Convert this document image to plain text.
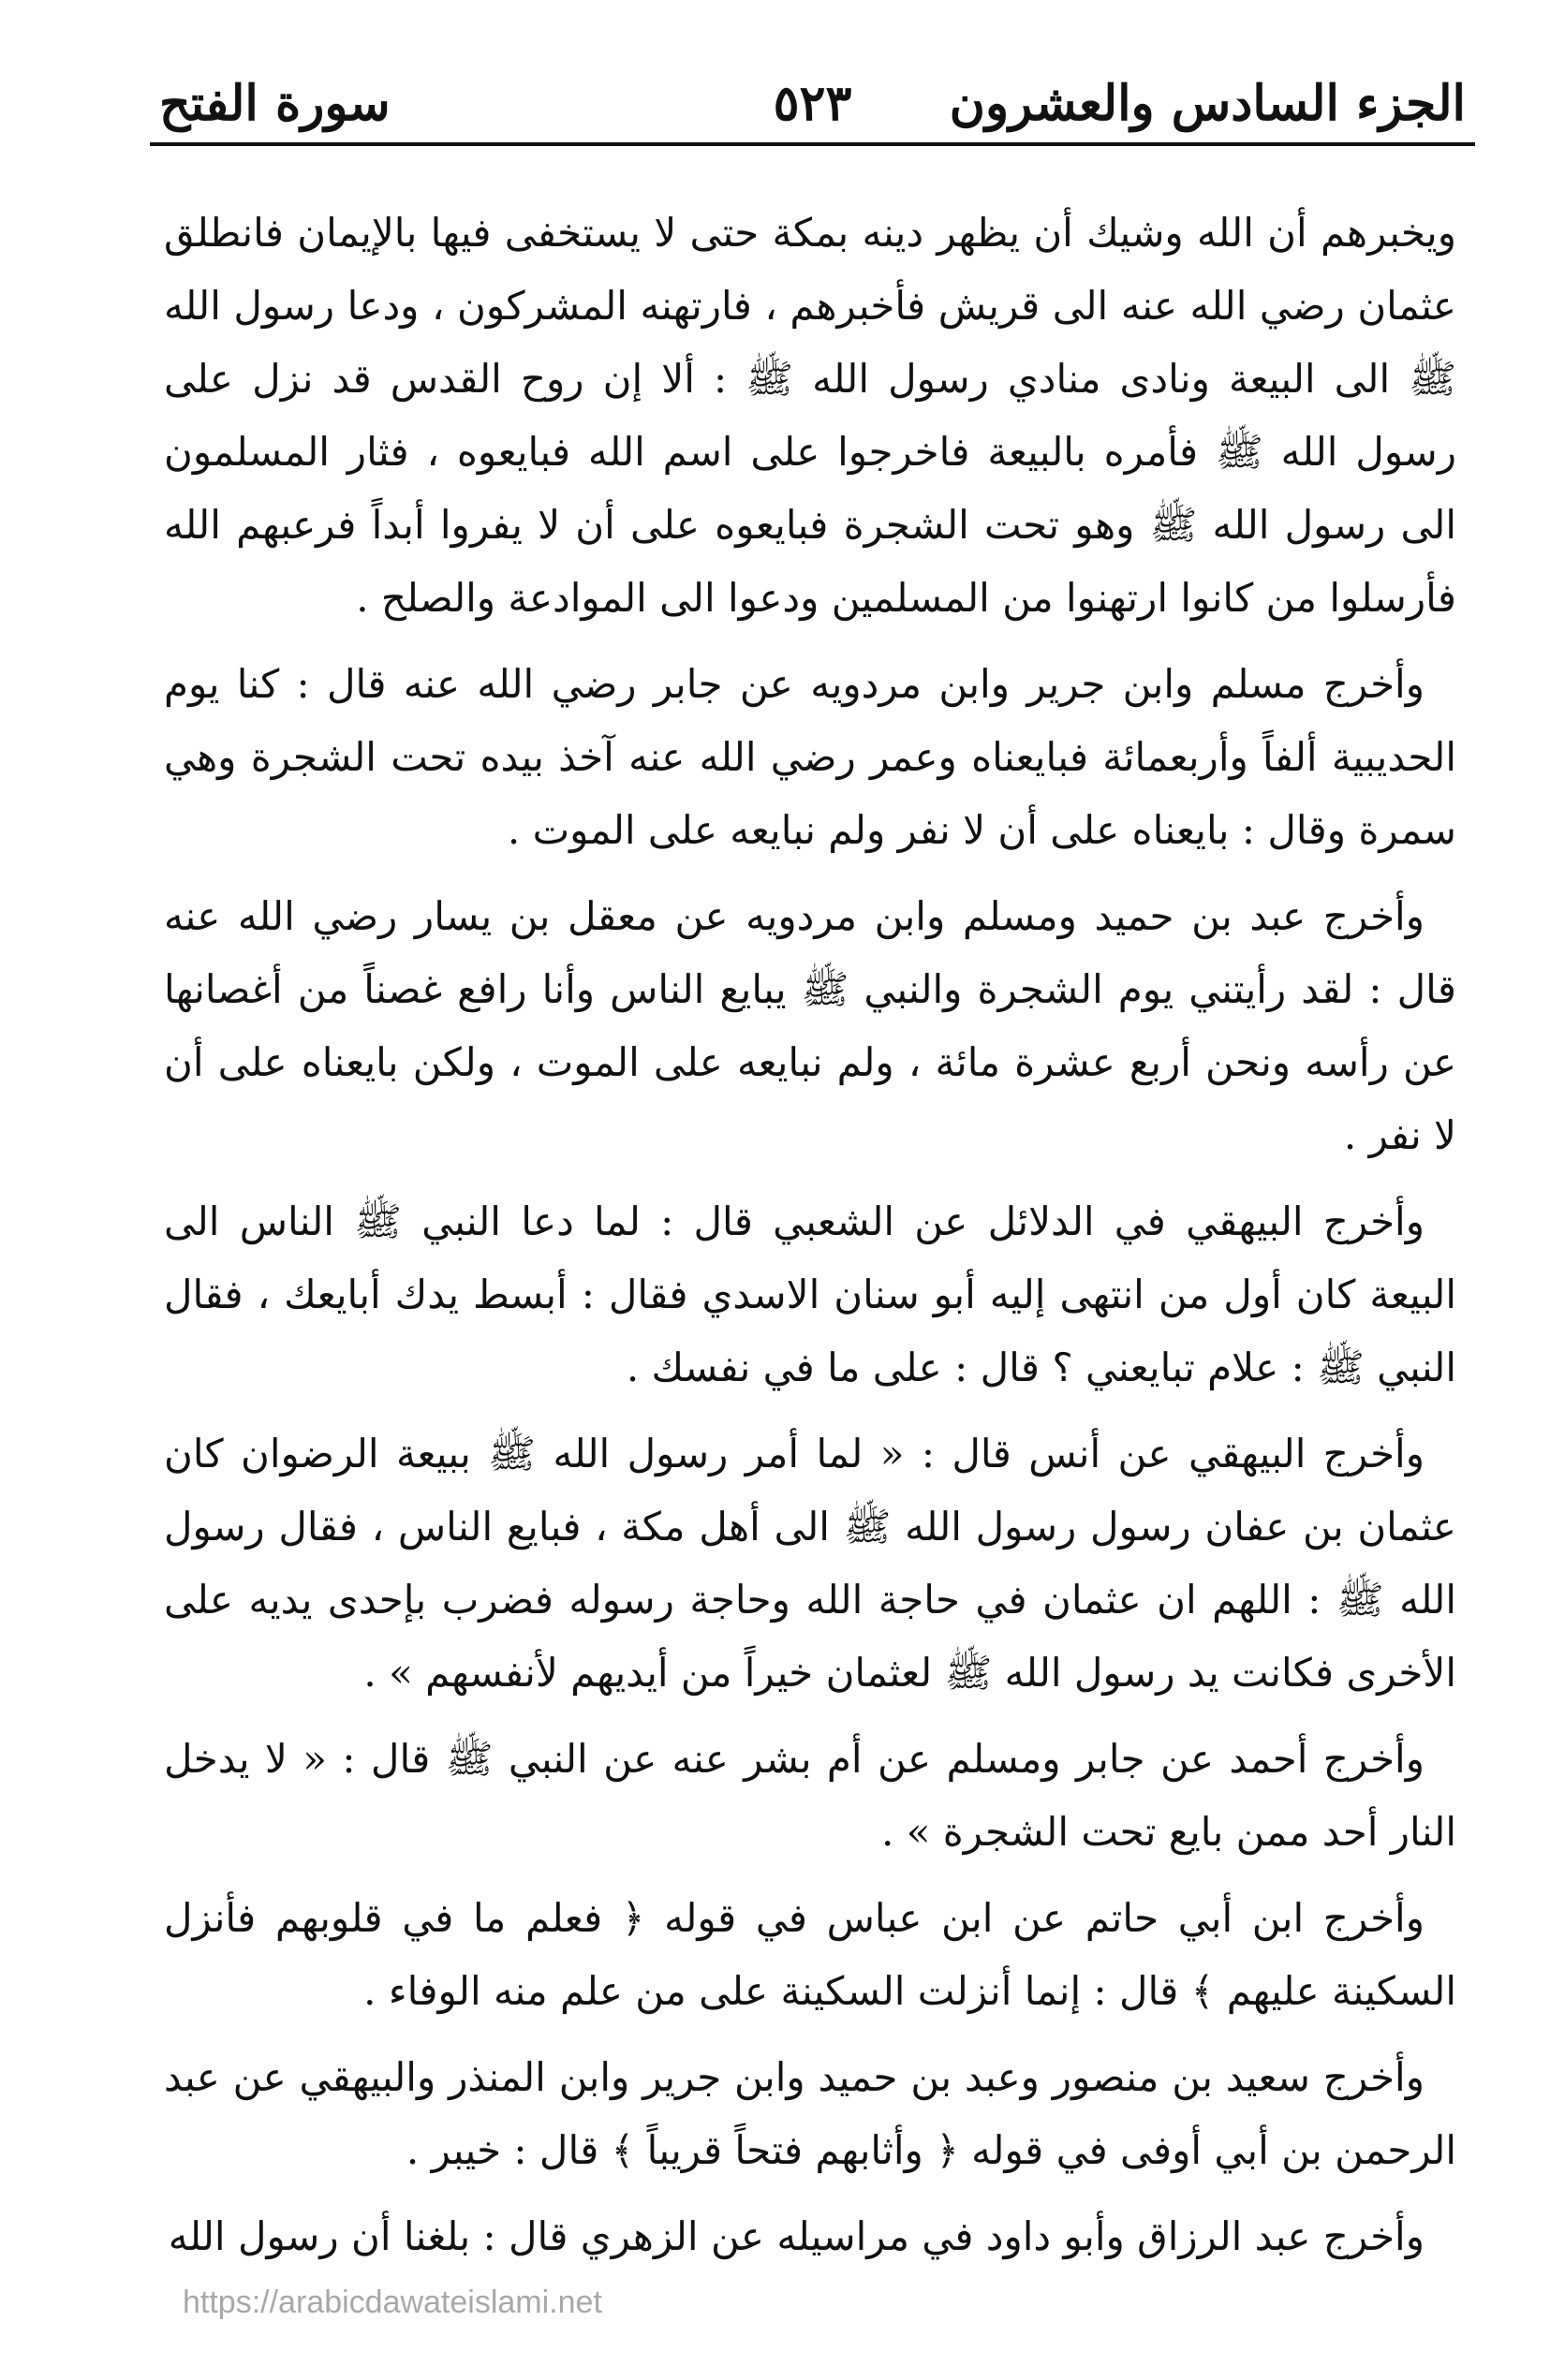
الجزء السادس والعشرون
٥٢٣
سورة الفتح

ويخبرهم أن الله وشيك أن يظهر دينه بمكة حتى لا يستخفى فيها بالإيمان فانطلق عثمان رضي الله عنه الى قريش فأخبرهم ، فارتهنه المشركون ، ودعا رسول الله ﷺ الى البيعة ونادى منادي رسول الله ﷺ : ألا إن روح القدس قد نزل على رسول الله ﷺ فأمره بالبيعة فاخرجوا على اسم الله فبايعوه ، فثار المسلمون الى رسول الله ﷺ وهو تحت الشجرة فبايعوه على أن لا يفروا أبداً فرعبهم الله فأرسلوا من كانوا ارتهنوا من المسلمين ودعوا الى الموادعة والصلح .

وأخرج مسلم وابن جرير وابن مردويه عن جابر رضي الله عنه قال : كنا يوم الحديبية ألفاً وأربعمائة فبايعناه وعمر رضي الله عنه آخذ بيده تحت الشجرة وهي سمرة وقال : بايعناه على أن لا نفر ولم نبايعه على الموت .

وأخرج عبد بن حميد ومسلم وابن مردويه عن معقل بن يسار رضي الله عنه قال : لقد رأيتني يوم الشجرة والنبي ﷺ يبايع الناس وأنا رافع غصناً من أغصانها عن رأسه ونحن أربع عشرة مائة ، ولم نبايعه على الموت ، ولكن بايعناه على أن لا نفر .

وأخرج البيهقي في الدلائل عن الشعبي قال : لما دعا النبي ﷺ الناس الى البيعة كان أول من انتهى إليه أبو سنان الاسدي فقال : أبسط يدك أبايعك ، فقال النبي ﷺ : علام تبايعني ؟ قال : على ما في نفسك .

وأخرج البيهقي عن أنس قال : « لما أمر رسول الله ﷺ ببيعة الرضوان كان عثمان بن عفان رسول رسول الله ﷺ الى أهل مكة ، فبايع الناس ، فقال رسول الله ﷺ : اللهم ان عثمان في حاجة الله وحاجة رسوله فضرب بإحدى يديه على الأخرى فكانت يد رسول الله ﷺ لعثمان خيراً من أيديهم لأنفسهم » .

وأخرج أحمد عن جابر ومسلم عن أم بشر عنه عن النبي ﷺ قال : « لا يدخل النار أحد ممن بايع تحت الشجرة » .

وأخرج ابن أبي حاتم عن ابن عباس في قوله ﴿ فعلم ما في قلوبهم فأنزل السكينة عليهم ﴾ قال : إنما أنزلت السكينة على من علم منه الوفاء .

وأخرج سعيد بن منصور وعبد بن حميد وابن جرير وابن المنذر والبيهقي عن عبد الرحمن بن أبي أوفى في قوله ﴿ وأثابهم فتحاً قريباً ﴾ قال : خيبر .

وأخرج عبد الرزاق وأبو داود في مراسيله عن الزهري قال : بلغنا أن رسول الله

https://arabicdawateislami.net
